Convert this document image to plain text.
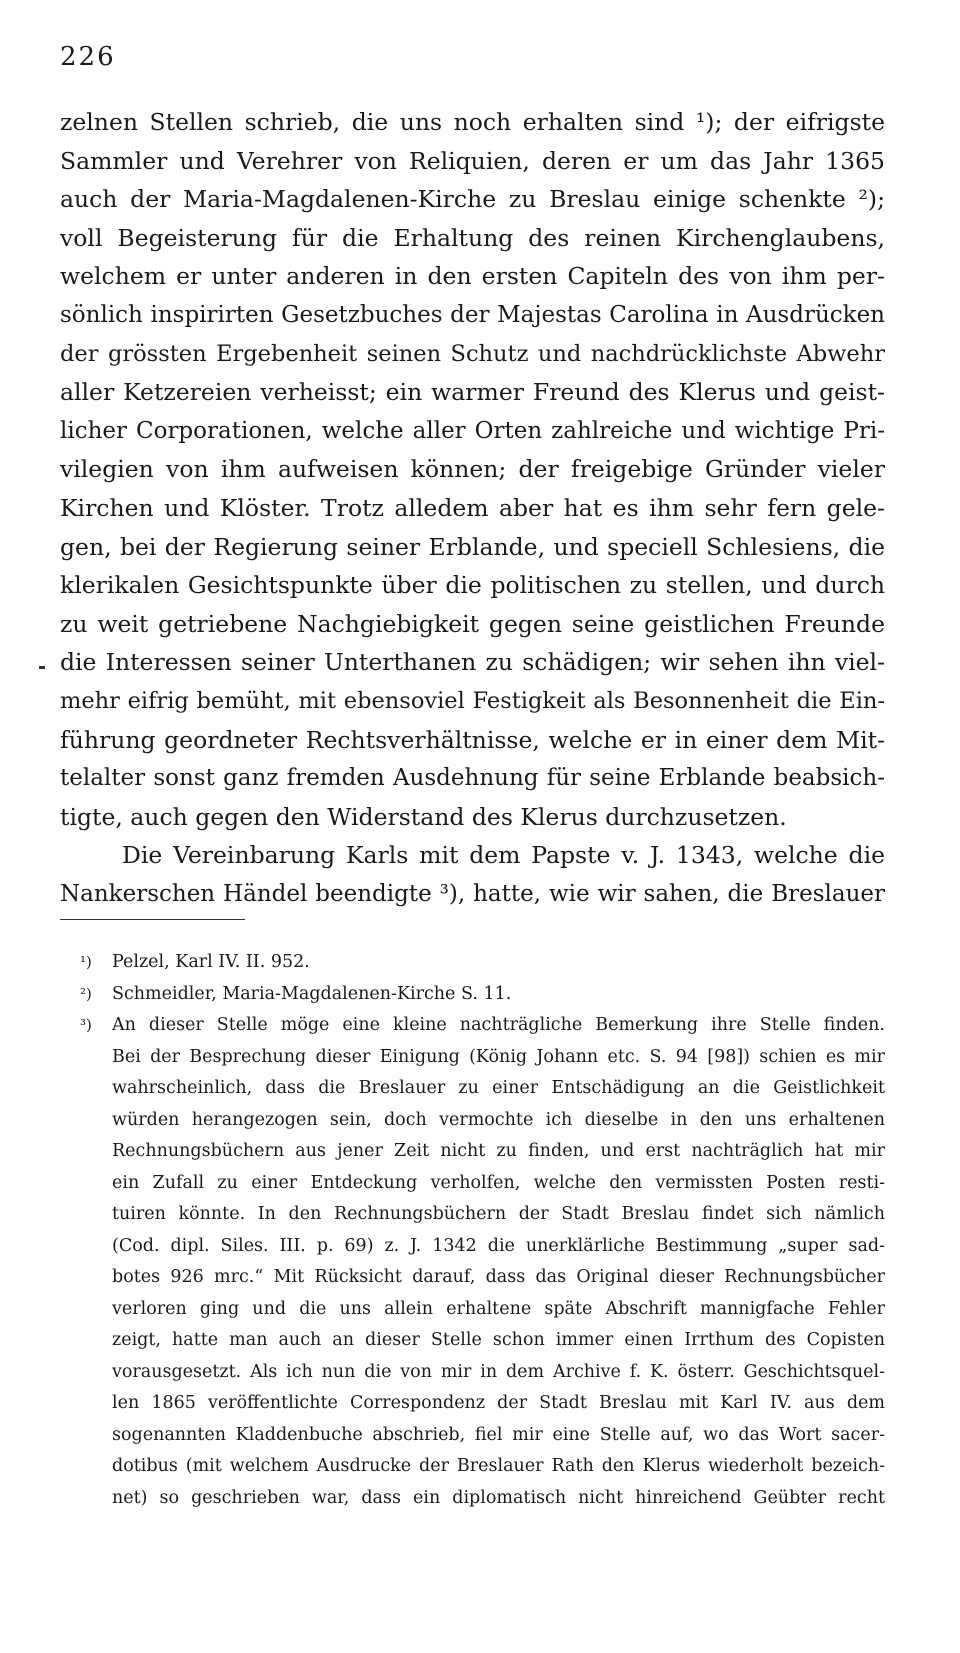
226
zelnen Stellen schrieb, die uns noch erhalten sind ¹); der eifrigste
Sammler und Verehrer von Reliquien, deren er um das Jahr 1365
auch der Maria-Magdalenen-Kirche zu Breslau einige schenkte ²);
voll Begeisterung für die Erhaltung des reinen Kirchenglaubens,
welchem er unter anderen in den ersten Capiteln des von ihm per-
sönlich inspirirten Gesetzbuches der Majestas Carolina in Ausdrücken
der grössten Ergebenheit seinen Schutz und nachdrücklichste Abwehr
aller Ketzereien verheisst; ein warmer Freund des Klerus und geist-
licher Corporationen, welche aller Orten zahlreiche und wichtige Pri-
vilegien von ihm aufweisen können; der freigebige Gründer vieler
Kirchen und Klöster. Trotz alledem aber hat es ihm sehr fern gele-
gen, bei der Regierung seiner Erblande, und speciell Schlesiens, die
klerikalen Gesichtspunkte über die politischen zu stellen, und durch
zu weit getriebene Nachgiebigkeit gegen seine geistlichen Freunde
die Interessen seiner Unterthanen zu schädigen; wir sehen ihn viel-
mehr eifrig bemüht, mit ebensoviel Festigkeit als Besonnenheit die Ein-
führung geordneter Rechtsverhältnisse, welche er in einer dem Mit-
telalter sonst ganz fremden Ausdehnung für seine Erblande beabsich-
tigte, auch gegen den Widerstand des Klerus durchzusetzen.
Die Vereinbarung Karls mit dem Papste v. J. 1343, welche die
Nankerschen Händel beendigte ³), hatte, wie wir sahen, die Breslauer
¹) Pelzel, Karl IV. II. 952.
²) Schmeidler, Maria-Magdalenen-Kirche S. 11.
³) An dieser Stelle möge eine kleine nachträgliche Bemerkung ihre Stelle finden.
Bei der Besprechung dieser Einigung (König Johann etc. S. 94 [98]) schien es mir
wahrscheinlich, dass die Breslauer zu einer Entschädigung an die Geistlichkeit
würden herangezogen sein, doch vermochte ich dieselbe in den uns erhaltenen
Rechnungsbüchern aus jener Zeit nicht zu finden, und erst nachträglich hat mir
ein Zufall zu einer Entdeckung verholfen, welche den vermissten Posten resti-
tuiren könnte. In den Rechnungsbüchern der Stadt Breslau findet sich nämlich
(Cod. dipl. Siles. III. p. 69) z. J. 1342 die unerklärliche Bestimmung „super sad-
botes 926 mrc.“ Mit Rücksicht darauf, dass das Original dieser Rechnungsbücher
verloren ging und die uns allein erhaltene späte Abschrift mannigfache Fehler
zeigt, hatte man auch an dieser Stelle schon immer einen Irrthum des Copisten
vorausgesetzt. Als ich nun die von mir in dem Archive f. K. österr. Geschichtsquel-
len 1865 veröffentlichte Correspondenz der Stadt Breslau mit Karl IV. aus dem
sogenannten Kladdenbuche abschrieb, fiel mir eine Stelle auf, wo das Wort sacer-
dotibus (mit welchem Ausdrucke der Breslauer Rath den Klerus wiederholt bezeich-
net) so geschrieben war, dass ein diplomatisch nicht hinreichend Geübter recht
